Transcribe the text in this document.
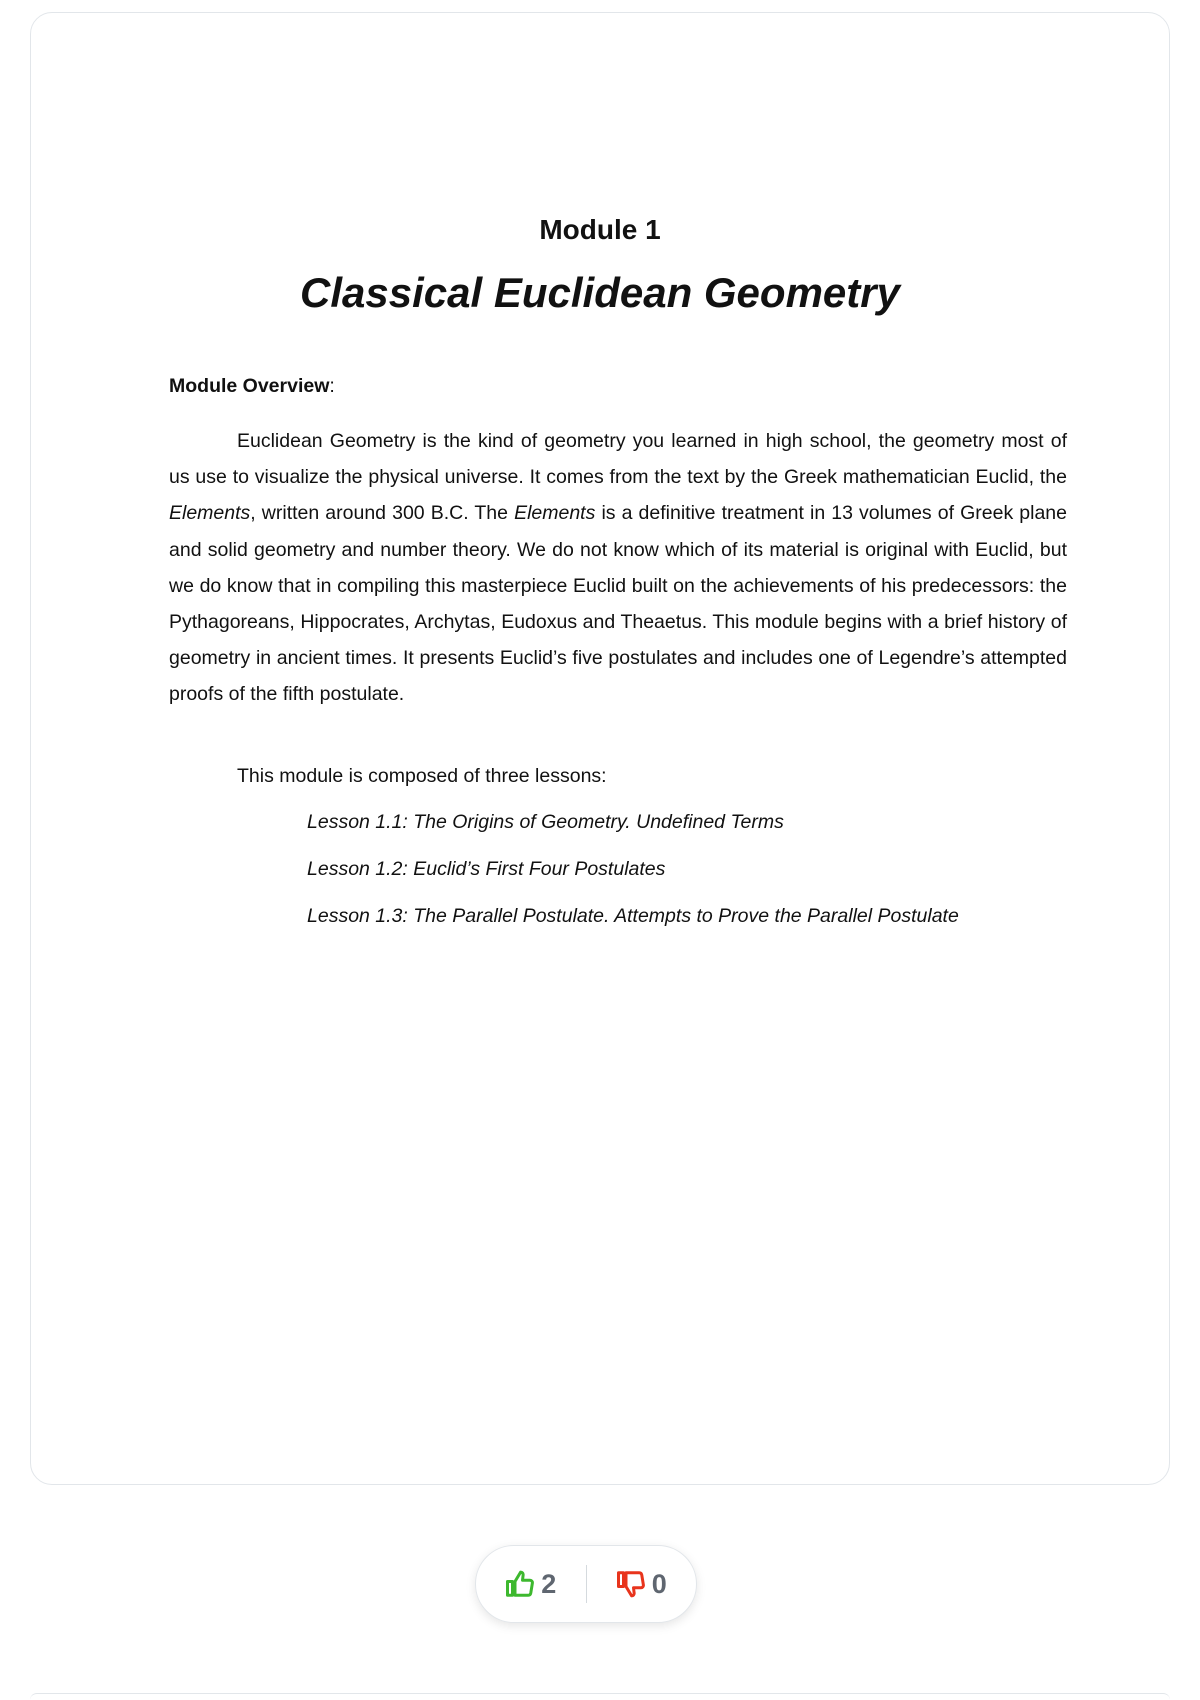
Module 1
Classical Euclidean Geometry

Module Overview:

Euclidean Geometry is the kind of geometry you learned in high school, the geometry most of us use to visualize the physical universe. It comes from the text by the Greek mathematician Euclid, the Elements, written around 300 B.C. The Elements is a definitive treatment in 13 volumes of Greek plane and solid geometry and number theory. We do not know which of its material is original with Euclid, but we do know that in compiling this masterpiece Euclid built on the achievements of his predecessors: the Pythagoreans, Hippocrates, Archytas, Eudoxus and Theaetus. This module begins with a brief history of geometry in ancient times. It presents Euclid’s five postulates and includes one of Legendre’s attempted proofs of the fifth postulate.

This module is composed of three lessons:

Lesson 1.1: The Origins of Geometry. Undefined Terms

Lesson 1.2: Euclid’s First Four Postulates

Lesson 1.3: The Parallel Postulate. Attempts to Prove the Parallel Postulate

2	0
